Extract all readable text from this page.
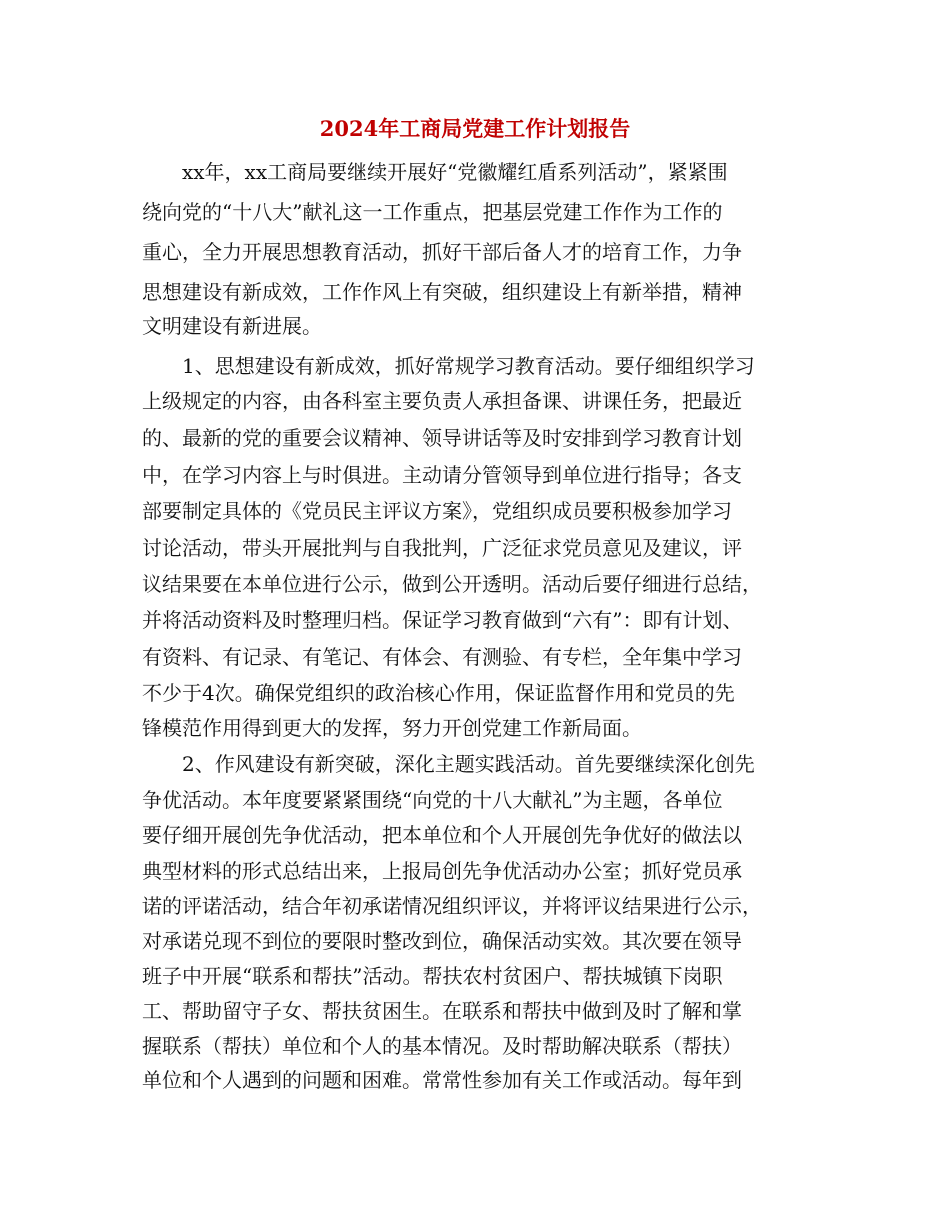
2024年工商局党建工作计划报告

xx年，xx工商局要继续开展好“党徽耀红盾系列活动”，紧紧围

绕向党的“十八大”献礼这一工作重点，把基层党建工作作为工作的

重心，全力开展思想教育活动，抓好干部后备人才的培育工作，力争

思想建设有新成效，工作作风上有突破，组织建设上有新举措，精神

文明建设有新进展。

1、思想建设有新成效，抓好常规学习教育活动。要仔细组织学习

上级规定的内容，由各科室主要负责人承担备课、讲课任务，把最近

的、最新的党的重要会议精神、领导讲话等及时安排到学习教育计划

中，在学习内容上与时俱进。主动请分管领导到单位进行指导；各支

部要制定具体的《党员民主评议方案》，党组织成员要积极参加学习

讨论活动，带头开展批判与自我批判，广泛征求党员意见及建议，评

议结果要在本单位进行公示，做到公开透明。活动后要仔细进行总结，

并将活动资料及时整理归档。保证学习教育做到“六有”：即有计划、

有资料、有记录、有笔记、有体会、有测验、有专栏，全年集中学习

不少于4次。确保党组织的政治核心作用，保证监督作用和党员的先

锋模范作用得到更大的发挥，努力开创党建工作新局面。

2、作风建设有新突破，深化主题实践活动。首先要继续深化创先

争优活动。本年度要紧紧围绕“向党的十八大献礼”为主题，各单位

要仔细开展创先争优活动，把本单位和个人开展创先争优好的做法以

典型材料的形式总结出来，上报局创先争优活动办公室；抓好党员承

诺的评诺活动，结合年初承诺情况组织评议，并将评议结果进行公示，

对承诺兑现不到位的要限时整改到位，确保活动实效。其次要在领导

班子中开展“联系和帮扶”活动。帮扶农村贫困户、帮扶城镇下岗职

工、帮助留守子女、帮扶贫困生。在联系和帮扶中做到及时了解和掌

握联系（帮扶）单位和个人的基本情况。及时帮助解决联系（帮扶）

单位和个人遇到的问题和困难。常常性参加有关工作或活动。每年到
